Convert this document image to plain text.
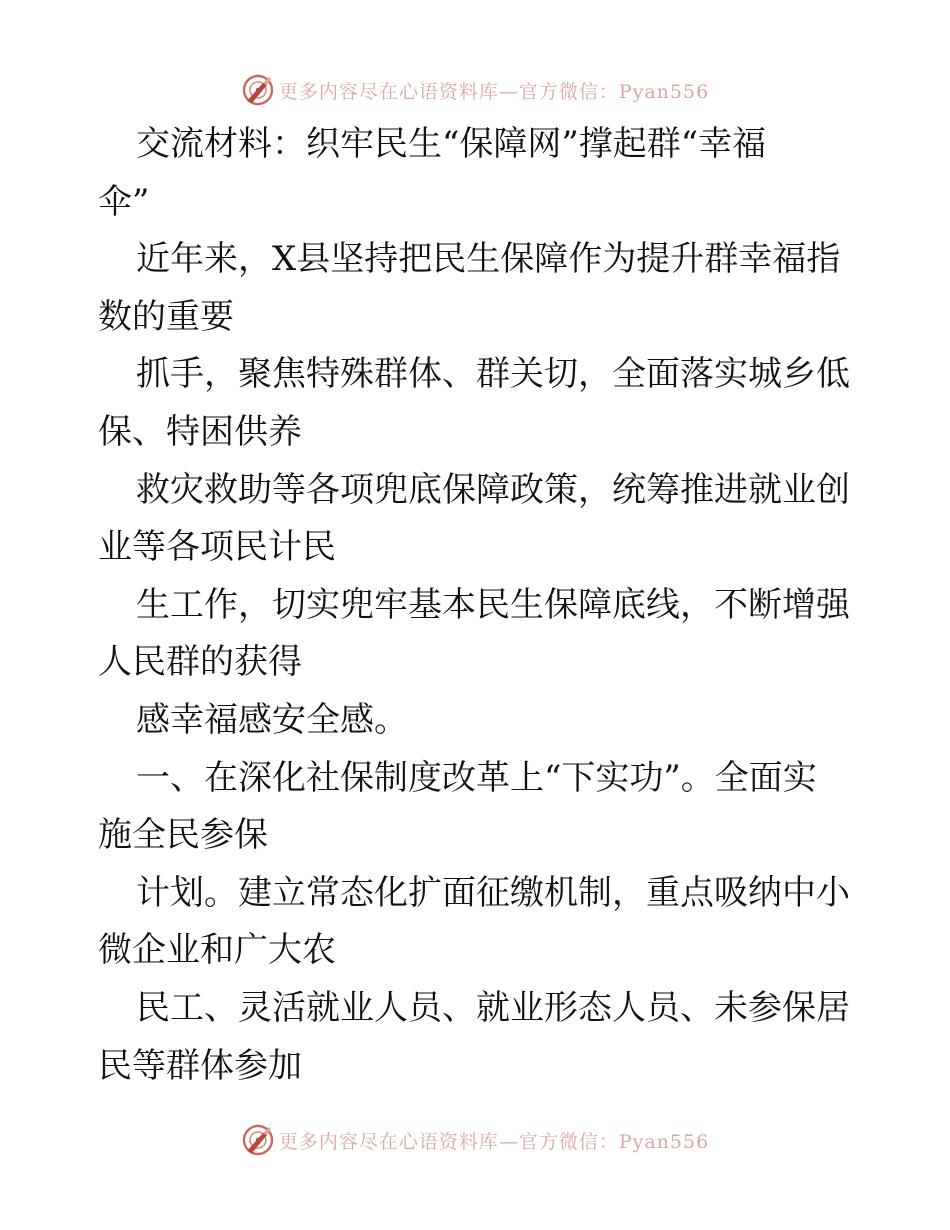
更多内容尽在心语资料库—官方微信：Pyan556

交流材料：织牢民生“保障网”撑起群“幸福

伞”

近年来，X县坚持把民生保障作为提升群幸福指

数的重要

抓手，聚焦特殊群体、群关切，全面落实城乡低

保、特困供养

救灾救助等各项兜底保障政策，统筹推进就业创

业等各项民计民

生工作，切实兜牢基本民生保障底线，不断增强

人民群的获得

感幸福感安全感。

一、在深化社保制度改革上“下实功”。全面实

施全民参保

计划。建立常态化扩面征缴机制，重点吸纳中小

微企业和广大农

民工、灵活就业人员、就业形态人员、未参保居

民等群体参加

更多内容尽在心语资料库—官方微信：Pyan556
